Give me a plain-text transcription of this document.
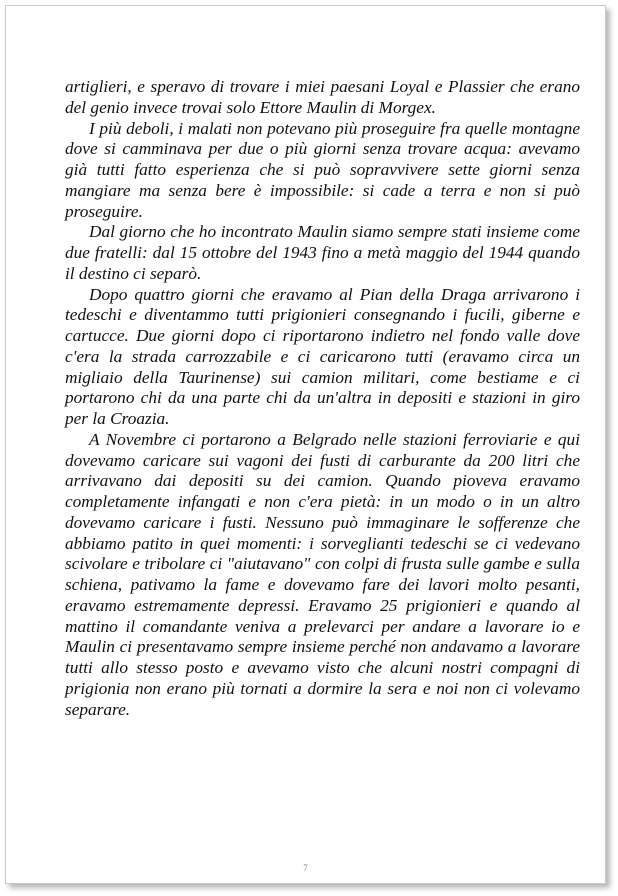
artiglieri, e speravo di trovare i miei paesani Loyal e Plassier che erano del genio invece trovai solo Ettore Maulin di Morgex.

I più deboli, i malati non potevano più proseguire fra quelle montagne dove si camminava per due o più giorni senza trovare acqua: avevamo già tutti fatto esperienza che si può sopravvivere sette giorni senza mangiare ma senza bere è impossibile: si cade a terra e non si può proseguire.

Dal giorno che ho incontrato Maulin siamo sempre stati insieme come due fratelli: dal 15 ottobre del 1943 fino a metà maggio del 1944 quando il destino ci separò.

Dopo quattro giorni che eravamo al Pian della Draga arrivarono i tedeschi e diventammo tutti prigionieri consegnando i fucili, giberne e cartucce. Due giorni dopo ci riportarono indietro nel fondo valle dove c'era la strada carrozzabile e ci caricarono tutti (eravamo circa un migliaio della Taurinense) sui camion militari, come bestiame e ci portarono chi da una parte chi da un'altra in depositi e stazioni in giro per la Croazia.

A Novembre ci portarono a Belgrado nelle stazioni ferroviarie e qui dovevamo caricare sui vagoni dei fusti di carburante da 200 litri che arrivavano dai depositi su dei camion. Quando pioveva eravamo completamente infangati e non c'era pietà: in un modo o in un altro dovevamo caricare i fusti. Nessuno può immaginare le sofferenze che abbiamo patito in quei momenti: i sorveglianti tedeschi se ci vedevano scivolare e tribolare ci "aiutavano" con colpi di frusta sulle gambe e sulla schiena, pativamo la fame e dovevamo fare dei lavori molto pesanti, eravamo estremamente depressi. Eravamo 25 prigionieri e quando al mattino il comandante veniva a prelevarci per andare a lavorare io e Maulin ci presentavamo sempre insieme perché non andavamo a lavorare tutti allo stesso posto e avevamo visto che alcuni nostri compagni di prigionia non erano più tornati a dormire la sera e noi non ci volevamo separare.

7
